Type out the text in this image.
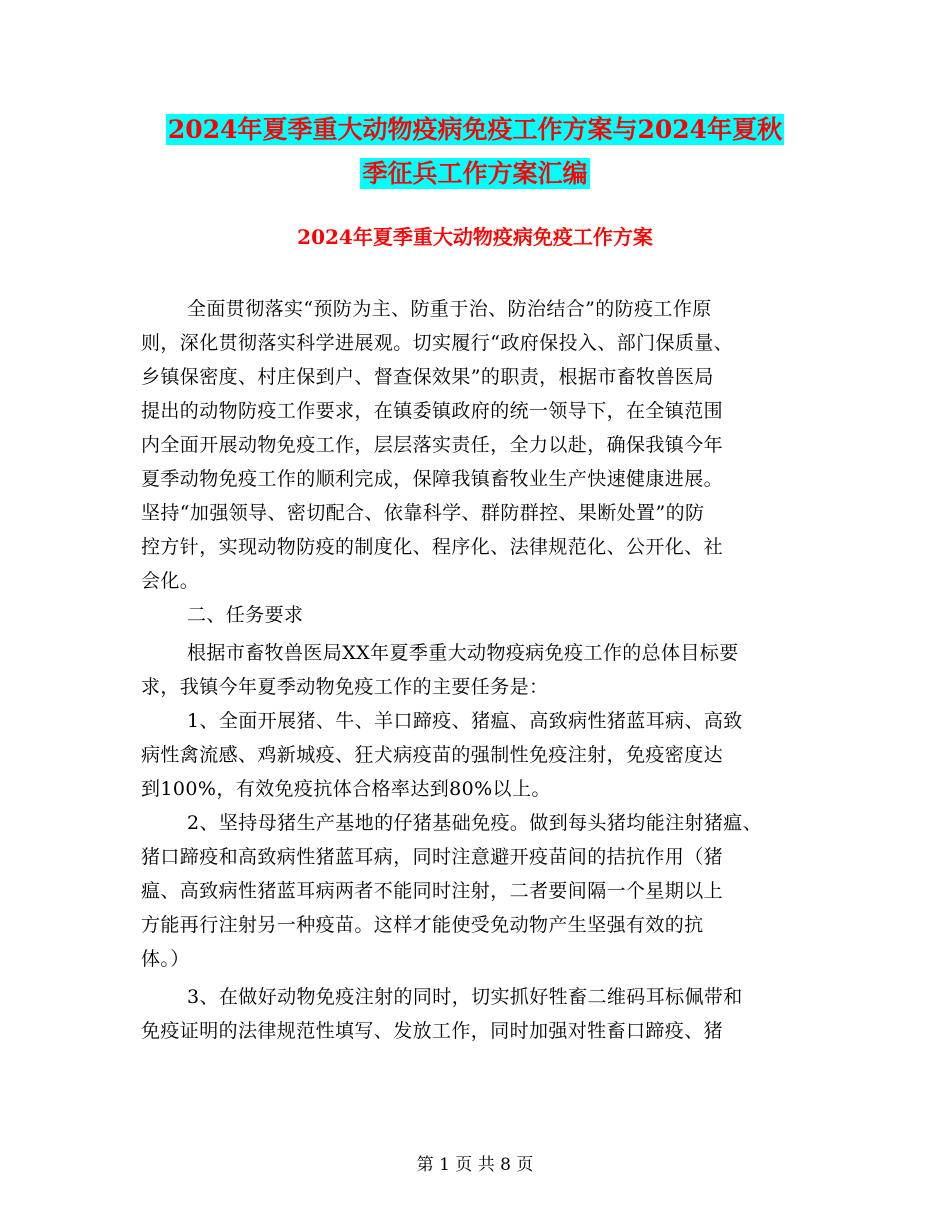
2024年夏季重大动物疫病免疫工作方案与2024年夏秋
季征兵工作方案汇编
2024年夏季重大动物疫病免疫工作方案
全面贯彻落实“预防为主、防重于治、防治结合”的防疫工作原
则，深化贯彻落实科学进展观。切实履行“政府保投入、部门保质量、
乡镇保密度、村庄保到户、督查保效果”的职责，根据市畜牧兽医局
提出的动物防疫工作要求，在镇委镇政府的统一领导下，在全镇范围
内全面开展动物免疫工作，层层落实责任，全力以赴，确保我镇今年
夏季动物免疫工作的顺利完成，保障我镇畜牧业生产快速健康进展。
坚持“加强领导、密切配合、依靠科学、群防群控、果断处置”的防
控方针，实现动物防疫的制度化、程序化、法律规范化、公开化、社
会化。
二、任务要求
根据市畜牧兽医局XX年夏季重大动物疫病免疫工作的总体目标要
求，我镇今年夏季动物免疫工作的主要任务是：
1、全面开展猪、牛、羊口蹄疫、猪瘟、高致病性猪蓝耳病、高致
病性禽流感、鸡新城疫、狂犬病疫苗的强制性免疫注射，免疫密度达
到100%，有效免疫抗体合格率达到80%以上。
2、坚持母猪生产基地的仔猪基础免疫。做到每头猪均能注射猪瘟、
猪口蹄疫和高致病性猪蓝耳病，同时注意避开疫苗间的拮抗作用（猪
瘟、高致病性猪蓝耳病两者不能同时注射，二者要间隔一个星期以上
方能再行注射另一种疫苗。这样才能使受免动物产生坚强有效的抗
体。）
3、在做好动物免疫注射的同时，切实抓好牲畜二维码耳标佩带和
免疫证明的法律规范性填写、发放工作，同时加强对牲畜口蹄疫、猪
第 1 页 共 8 页
